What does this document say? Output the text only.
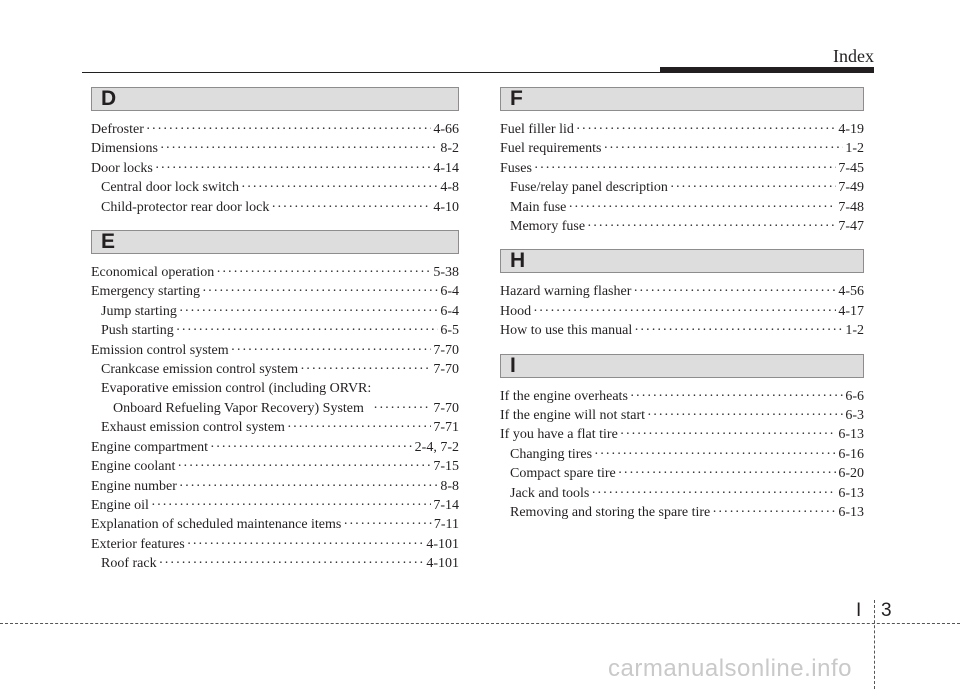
Index
D
Defroster ·····	4-66
Dimensions ·····	8-2
Door locks ·····	4-14
Central door lock switch ·····	4-8
Child-protector rear door lock ·····	4-10
E
Economical operation ·····	5-38
Emergency starting ·····	6-4
Jump starting ·····	6-4
Push starting ·····	6-5
Emission control system ·····	7-70
Crankcase emission control system ·····	7-70
Evaporative emission control (including ORVR:
Onboard Refueling Vapor Recovery) System ·····	7-70
Exhaust emission control system ·····	7-71
Engine compartment ·····	2-4, 7-2
Engine coolant ·····	7-15
Engine number ·····	8-8
Engine oil ·····	7-14
Explanation of scheduled maintenance items ·····	7-11
Exterior features ·····	4-101
Roof rack ·····	4-101
F
Fuel filler lid ·····	4-19
Fuel requirements ·····	1-2
Fuses ·····	7-45
Fuse/relay panel description ·····	7-49
Main fuse ·····	7-48
Memory fuse ·····	7-47
H
Hazard warning flasher ·····	4-56
Hood ·····	4-17
How to use this manual ·····	1-2
I
If the engine overheats ·····	6-6
If the engine will not start ·····	6-3
If you have a flat tire ·····	6-13
Changing tires ·····	6-16
Compact spare tire ·····	6-20
Jack and tools ·····	6-13
Removing and storing the spare tire ·····	6-13
I 3
carmanualsonline.info
